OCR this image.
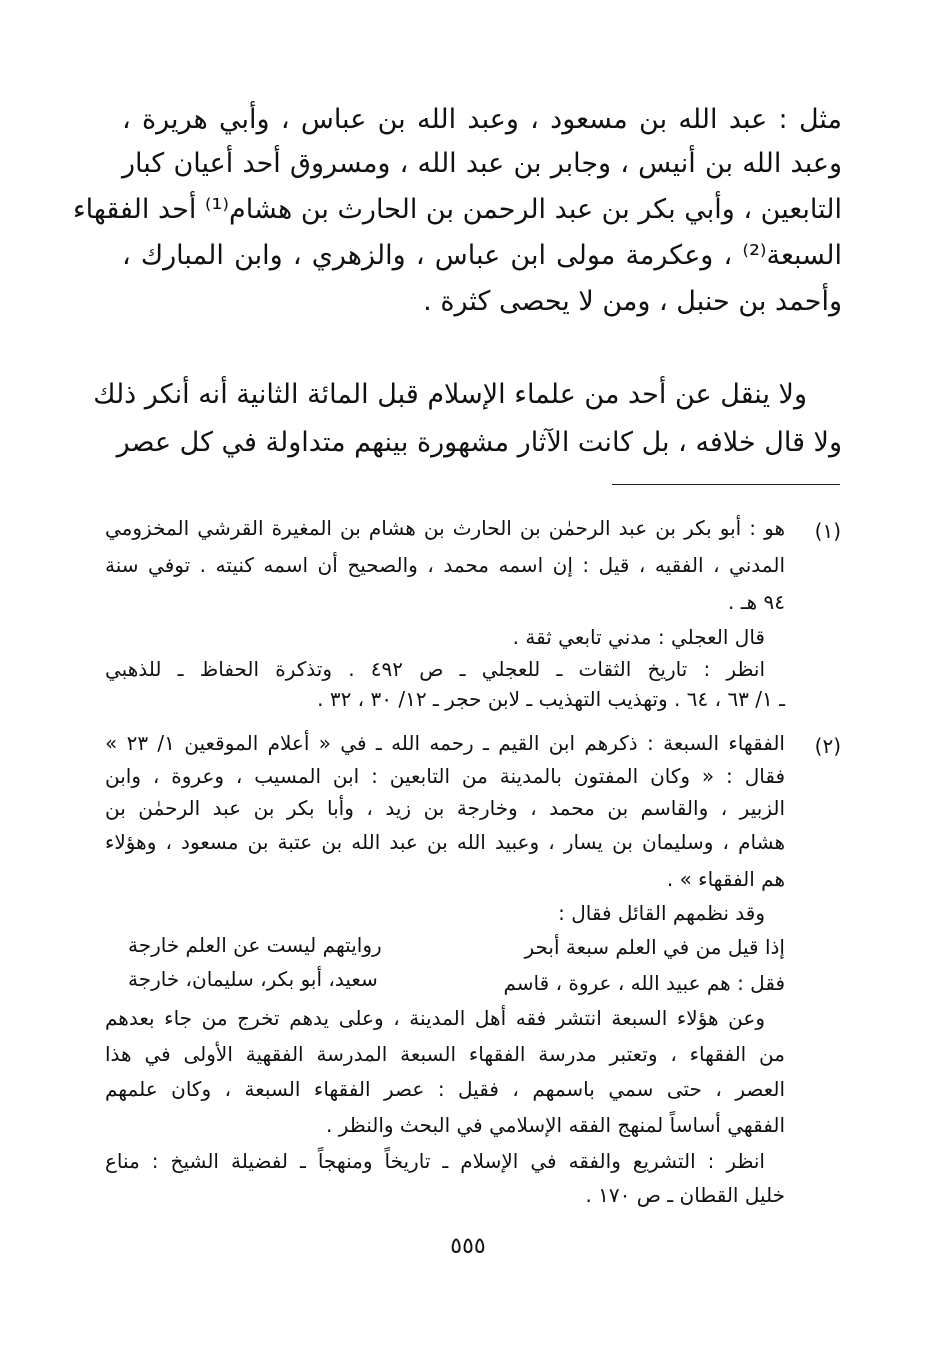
مثل : عبد الله بن مسعود ، وعبد الله بن عباس ، وأبي هريرة ،
وعبد الله بن أنيس ، وجابر بن عبد الله ، ومسروق أحد أعيان كبار
التابعين ، وأبي بكر بن عبد الرحمن بن الحارث بن هشام⁽¹⁾ أحد الفقهاء
السبعة⁽²⁾ ، وعكرمة مولى ابن عباس ، والزهري ، وابن المبارك ،
وأحمد بن حنبل ، ومن لا يحصى كثرة .
ولا ينقل عن أحد من علماء الإسلام قبل المائة الثانية أنه أنكر ذلك
ولا قال خلافه ، بل كانت الآثار مشهورة بينهم متداولة في كل عصر
(١)
هو : أبو بكر بن عبد الرحمٰن بن الحارث بن هشام بن المغيرة القرشي المخزومي
المدني ، الفقيه ، قيل : إن اسمه محمد ، والصحيح أن اسمه كنيته . توفي سنة
٩٤ هـ .
قال العجلي : مدني تابعي ثقة .
انظر : تاريخ الثقات ـ للعجلي ـ ص ٤٩٢ . وتذكرة الحفاظ ـ للذهبي
ـ ١/ ٦٣ ، ٦٤ . وتهذيب التهذيب ـ لابن حجر ـ ١٢/ ٣٠ ، ٣٢ .
(٢)
الفقهاء السبعة : ذكرهم ابن القيم ـ رحمه الله ـ في « أعلام الموقعين ١/ ٢٣ »
فقال : « وكان المفتون بالمدينة من التابعين : ابن المسيب ، وعروة ، وابن
الزبير ، والقاسم بن محمد ، وخارجة بن زيد ، وأبا بكر بن عبد الرحمٰن بن
هشام ، وسليمان بن يسار ، وعبيد الله بن عبد الله بن عتبة بن مسعود ، وهؤلاء
هم الفقهاء » .
وقد نظمهم القائل فقال :
إذا قيل من في العلم سبعة أبحر
روايتهم ليست عن العلم خارجة
فقل : هم عبيد الله ، عروة ، قاسم
سعيد، أبو بكر، سليمان، خارجة
وعن هؤلاء السبعة انتشر فقه أهل المدينة ، وعلى يدهم تخرج من جاء بعدهم
من الفقهاء ، وتعتبر مدرسة الفقهاء السبعة المدرسة الفقهية الأولى في هذا
العصر ، حتى سمي باسمهم ، فقيل : عصر الفقهاء السبعة ، وكان علمهم
الفقهي أساساً لمنهج الفقه الإسلامي في البحث والنظر .
انظر : التشريع والفقه في الإسلام ـ تاريخاً ومنهجاً ـ لفضيلة الشيخ : مناع
خليل القطان ـ ص ١٧٠ .
٥٥٥
